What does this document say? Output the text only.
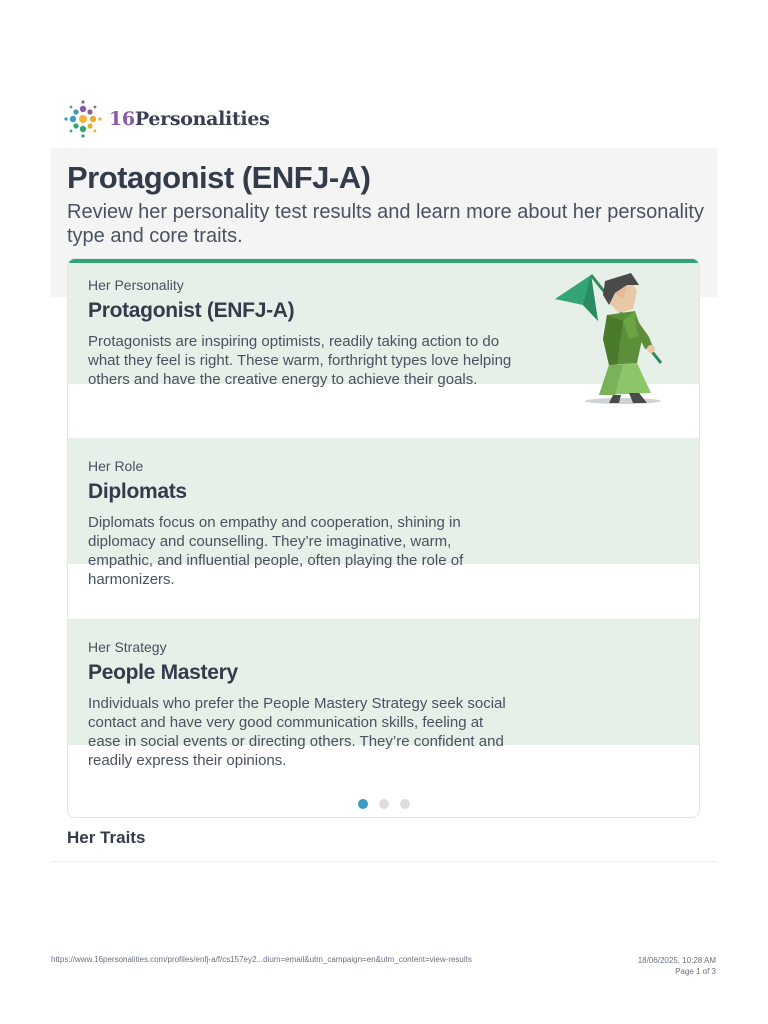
16Personalities
Protagonist (ENFJ-A)

Review her personality test results and learn more about her personality type and core traits.

Her Personality

Protagonist (ENFJ-A)

Protagonists are inspiring optimists, readily taking action to do what they feel is right. These warm, forthright types love helping others and have the creative energy to achieve their goals.

Her Role

Diplomats

Diplomats focus on empathy and cooperation, shining in diplomacy and counselling. They’re imaginative, warm, empathic, and influential people, often playing the role of harmonizers.

Her Strategy

People Mastery

Individuals who prefer the People Mastery Strategy seek social contact and have very good communication skills, feeling at ease in social events or directing others. They’re confident and readily express their opinions.

Her Traits
https://www.16personalities.com/profiles/enfj-a/f/cs157ey2...dium=email&utm_campaign=en&utm_content=view-results	18/06/2025, 10:28 AM
Page 1 of 3
